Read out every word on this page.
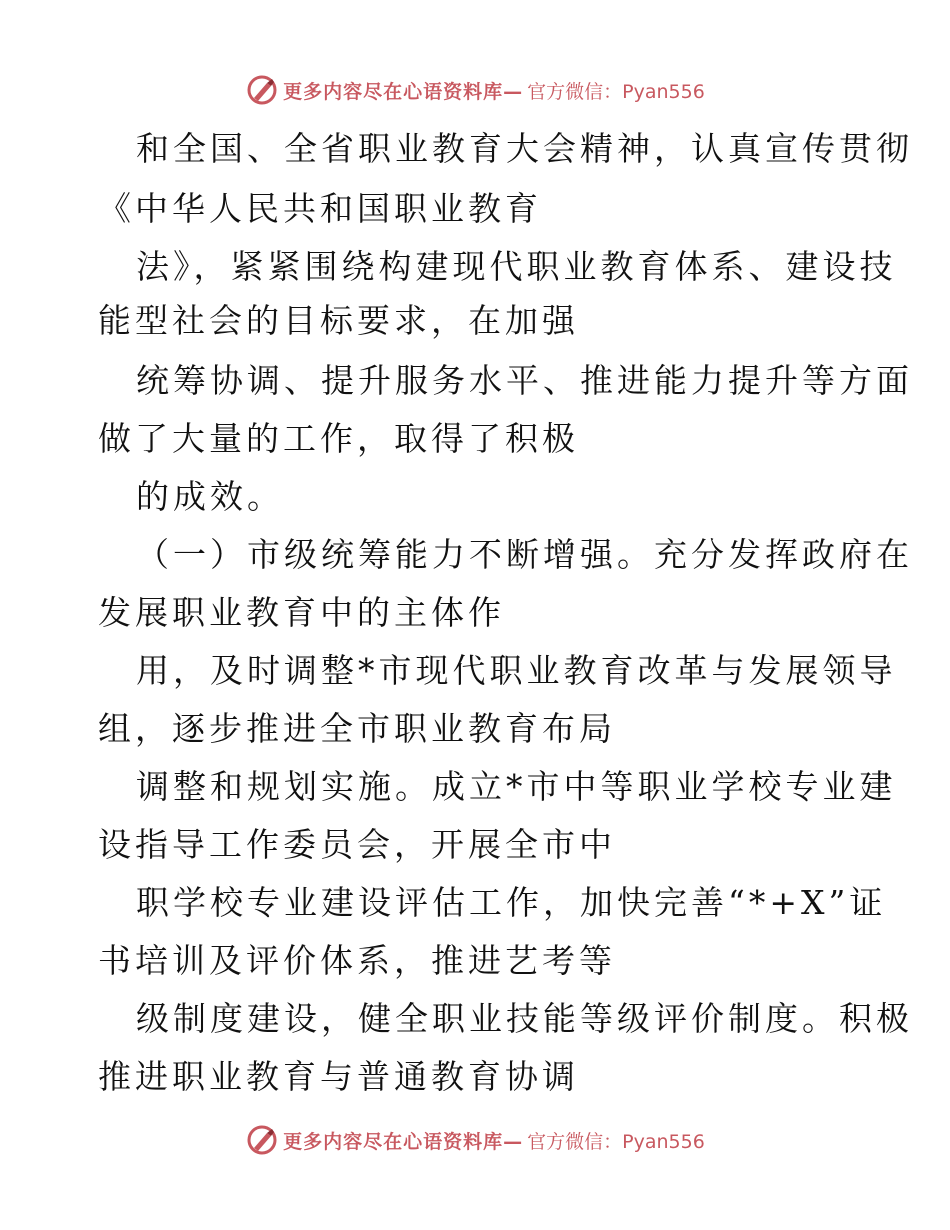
更多内容尽在心语资料库— 官方微信：Pyan556
和全国、全省职业教育大会精神，认真宣传贯彻
《中华人民共和国职业教育
法》，紧紧围绕构建现代职业教育体系、建设技
能型社会的目标要求，在加强
统筹协调、提升服务水平、推进能力提升等方面
做了大量的工作，取得了积极
的成效。
（一）市级统筹能力不断增强。充分发挥政府在
发展职业教育中的主体作
用，及时调整*市现代职业教育改革与发展领导
组，逐步推进全市职业教育布局
调整和规划实施。成立*市中等职业学校专业建
设指导工作委员会，开展全市中
职学校专业建设评估工作，加快完善“*+X”证
书培训及评价体系，推进艺考等
级制度建设，健全职业技能等级评价制度。积极
推进职业教育与普通教育协调
更多内容尽在心语资料库— 官方微信：Pyan556
